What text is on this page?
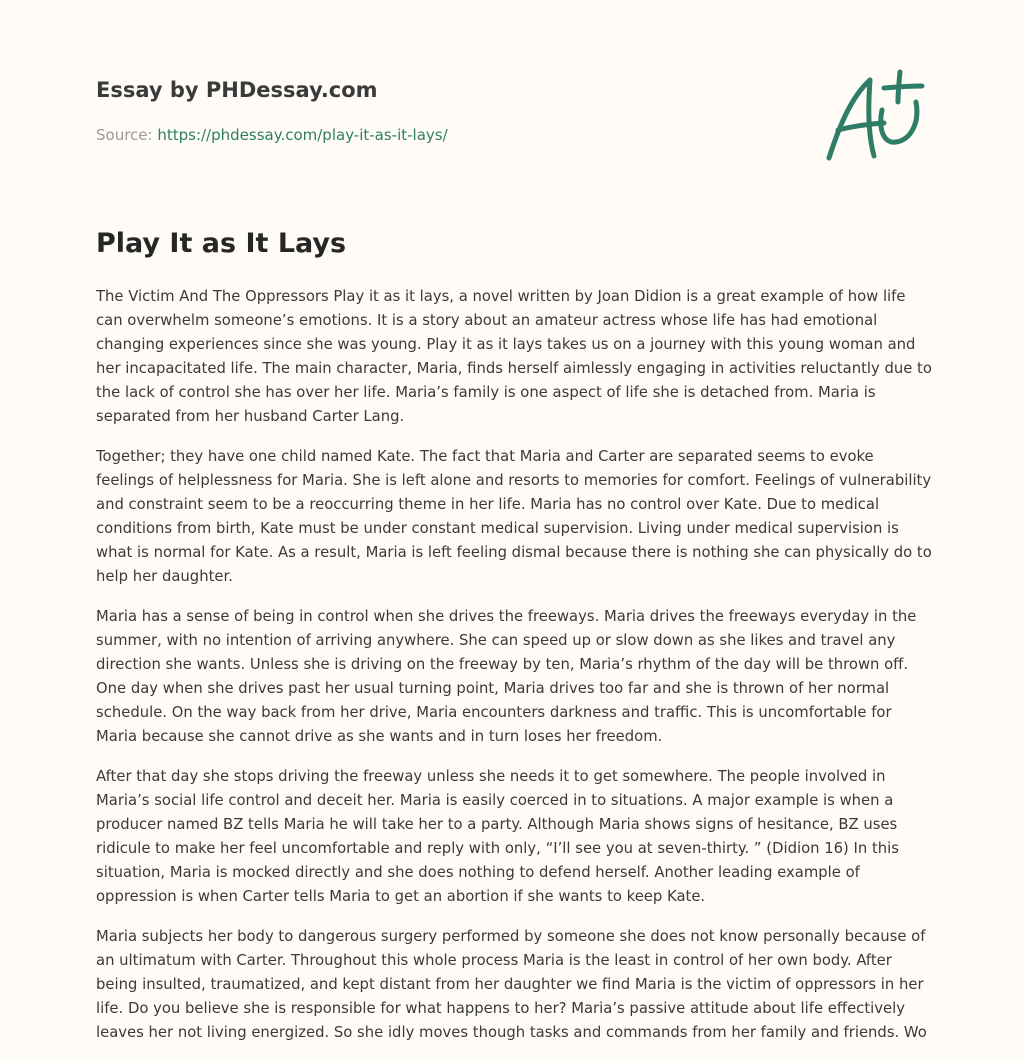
Essay by PHDessay.com
Source: https://phdessay.com/play-it-as-it-lays/
Play It as It Lays

The Victim And The Oppressors Play it as it lays, a novel written by Joan Didion is a great example of how life can overwhelm someone’s emotions. It is a story about an amateur actress whose life has had emotional changing experiences since she was young. Play it as it lays takes us on a journey with this young woman and her incapacitated life. The main character, Maria, finds herself aimlessly engaging in activities reluctantly due to the lack of control she has over her life. Maria’s family is one aspect of life she is detached from. Maria is separated from her husband Carter Lang.

Together; they have one child named Kate. The fact that Maria and Carter are separated seems to evoke feelings of helplessness for Maria. She is left alone and resorts to memories for comfort. Feelings of vulnerability and constraint seem to be a reoccurring theme in her life. Maria has no control over Kate. Due to medical conditions from birth, Kate must be under constant medical supervision. Living under medical supervision is what is normal for Kate. As a result, Maria is left feeling dismal because there is nothing she can physically do to help her daughter.

Maria has a sense of being in control when she drives the freeways. Maria drives the freeways everyday in the summer, with no intention of arriving anywhere. She can speed up or slow down as she likes and travel any direction she wants. Unless she is driving on the freeway by ten, Maria’s rhythm of the day will be thrown off. One day when she drives past her usual turning point, Maria drives too far and she is thrown of her normal schedule. On the way back from her drive, Maria encounters darkness and traffic. This is uncomfortable for Maria because she cannot drive as she wants and in turn loses her freedom.

After that day she stops driving the freeway unless she needs it to get somewhere. The people involved in Maria’s social life control and deceit her. Maria is easily coerced in to situations. A major example is when a producer named BZ tells Maria he will take her to a party. Although Maria shows signs of hesitance, BZ uses ridicule to make her feel uncomfortable and reply with only, “I’ll see you at seven-thirty. ” (Didion 16) In this situation, Maria is mocked directly and she does nothing to defend herself. Another leading example of oppression is when Carter tells Maria to get an abortion if she wants to keep Kate.

Maria subjects her body to dangerous surgery performed by someone she does not know personally because of an ultimatum with Carter. Throughout this whole process Maria is the least in control of her own body. After being insulted, traumatized, and kept distant from her daughter we find Maria is the victim of oppressors in her life. Do you believe she is responsible for what happens to her? Maria’s passive attitude about life effectively leaves her not living energized. So she idly moves though tasks and commands from her family and friends. Wo
